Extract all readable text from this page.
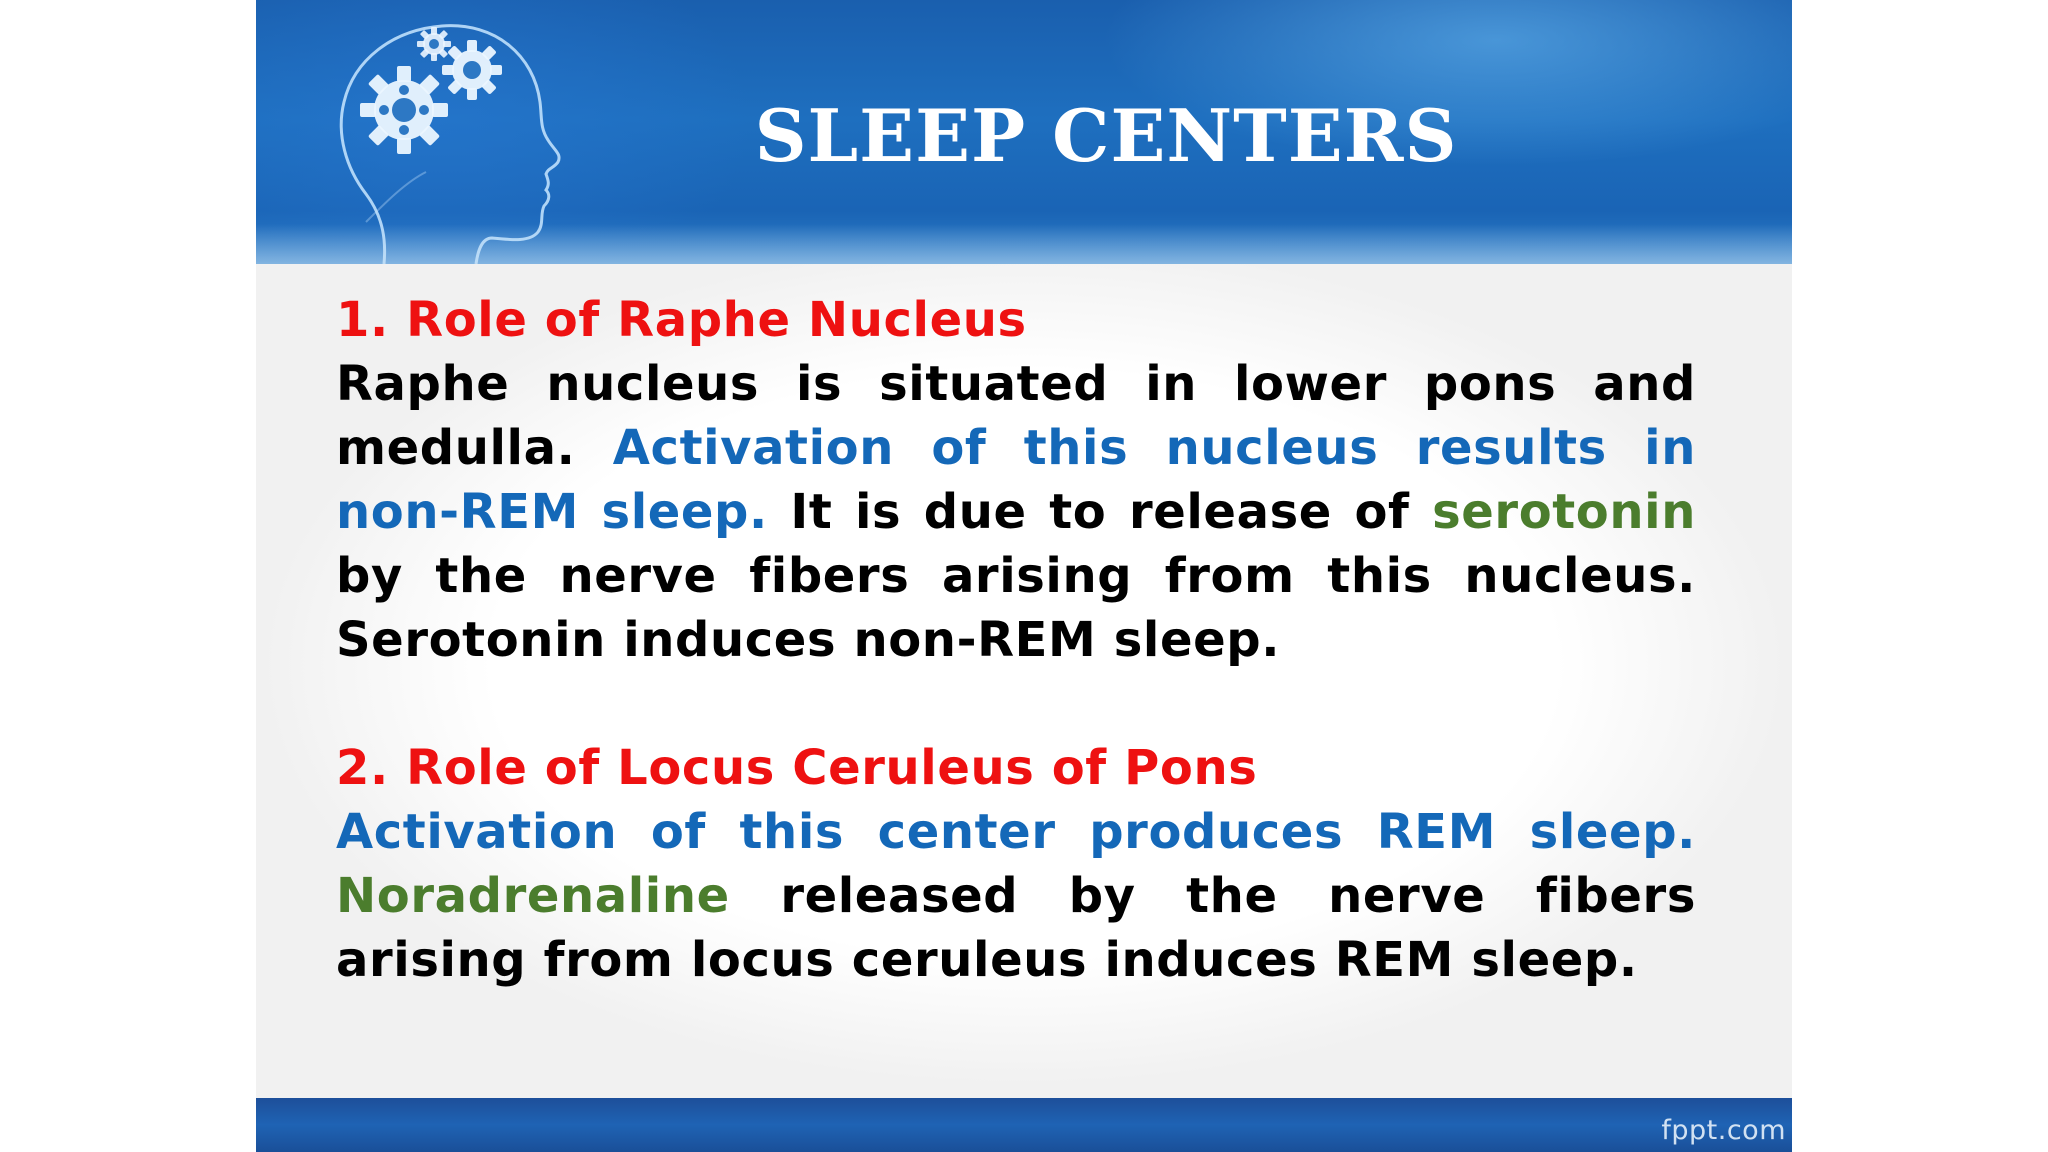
SLEEP CENTERS

1. Role of Raphe Nucleus

Raphe nucleus is situated in lower pons and medulla. Activation of this nucleus results in non-REM sleep. It is due to release of serotonin by the nerve fibers arising from this nucleus. Serotonin induces non-REM sleep.

2. Role of Locus Ceruleus of Pons

Activation of this center produces REM sleep. Noradrenaline released by the nerve fibers arising from locus ceruleus induces REM sleep.

fppt.com
